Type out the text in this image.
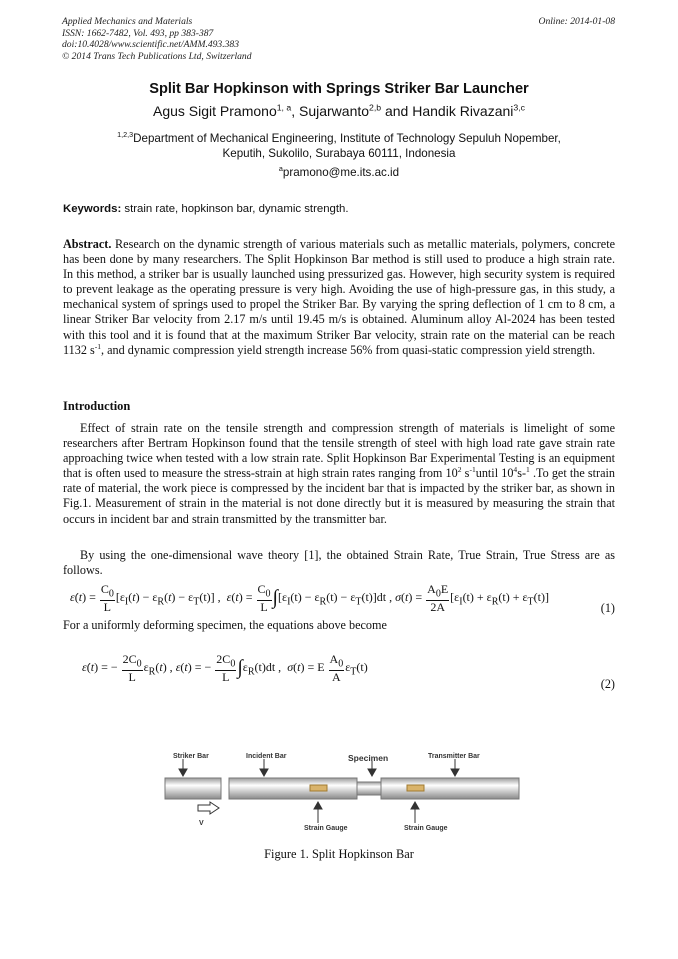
Applied Mechanics and Materials
ISSN: 1662-7482, Vol. 493, pp 383-387
doi:10.4028/www.scientific.net/AMM.493.383
© 2014 Trans Tech Publications Ltd, Switzerland
Online: 2014-01-08
Split Bar Hopkinson with Springs Striker Bar Launcher
Agus Sigit Pramono$^{1, a}$, Sujarwanto$^{2,b}$ and Handik Rivazani$^{3,c}$
$^{1,2,3}$Department of Mechanical Engineering, Institute of Technology Sepuluh Nopember,
Keputih, Sukolilo, Surabaya 60111, Indonesia
$^a$pramono@me.its.ac.id
Keywords: strain rate, hopkinson bar, dynamic strength.
Abstract. Research on the dynamic strength of various materials such as metallic materials, polymers, concrete has been done by many researchers. The Split Hopkinson Bar method is still used to produce a high strain rate. In this method, a striker bar is usually launched using pressurized gas. However, high security system is required to prevent leakage as the operating pressure is very high. Avoiding the use of high-pressure gas, in this study, a mechanical system of springs used to propel the Striker Bar. By varying the spring deflection of 1 cm to 8 cm, a linear Striker Bar velocity from 2.17 m/s until 19.45 m/s is obtained. Aluminum alloy Al-2024 has been tested with this tool and it is found that at the maximum Striker Bar velocity, strain rate on the material can be reach 1132 $s^{-1}$, and dynamic compression yield strength increase 56% from quasi-static compression yield strength.
Introduction
Effect of strain rate on the tensile strength and compression strength of materials is limelight of some researchers after Bertram Hopkinson found that the tensile strength of steel with high load rate gave strain rate approaching twice when tested with a low strain rate. Split Hopkinson Bar Experimental Testing is an equipment that is often used to measure the stress-strain at high strain rates ranging from $10^2$ $s^{-1}until$ $10^4s-^1$ .To get the strain rate of material, the work piece is compressed by the incident bar that is impacted by the striker bar, as shown in Fig.1. Measurement of strain in the material is not done directly but it is measured by measuring the strain that occurs in incident bar and strain transmitted by the transmitter bar.
By using the one-dimensional wave theory [1], the obtained Strain Rate, True Strain, True Stress are as follows.
ε̇(t) = $\frac{C_0}{L} [\varepsilon_I(t) - \varepsilon_R(t) - \varepsilon_T(t)]$ ,  $\varepsilon(t) = \frac{C_0}{L} \int[\varepsilon_I(t) - \varepsilon_R(t) - \varepsilon_T(t)]dt$ , $\sigma(t) = \frac{A_0E}{2A} [\varepsilon_I(t) + \varepsilon_R(t) + \varepsilon_T(t)]$
(1)
For a uniformly deforming specimen, the equations above become
ε̇(t) = − $\frac{2C_0}{L} \varepsilon_R(t)$ , ε(t) = − $\frac{2C_0}{L} \int\varepsilon_R(t)dt$ ,  σ(t) = E $\frac{A_0}{A} \varepsilon_T(t)$
(2)
Striker Bar	Incident Bar	Specimen	Transmitter Bar
Strain Gauge	Strain Gauge
V
Figure 1. Split Hopkinson Bar
